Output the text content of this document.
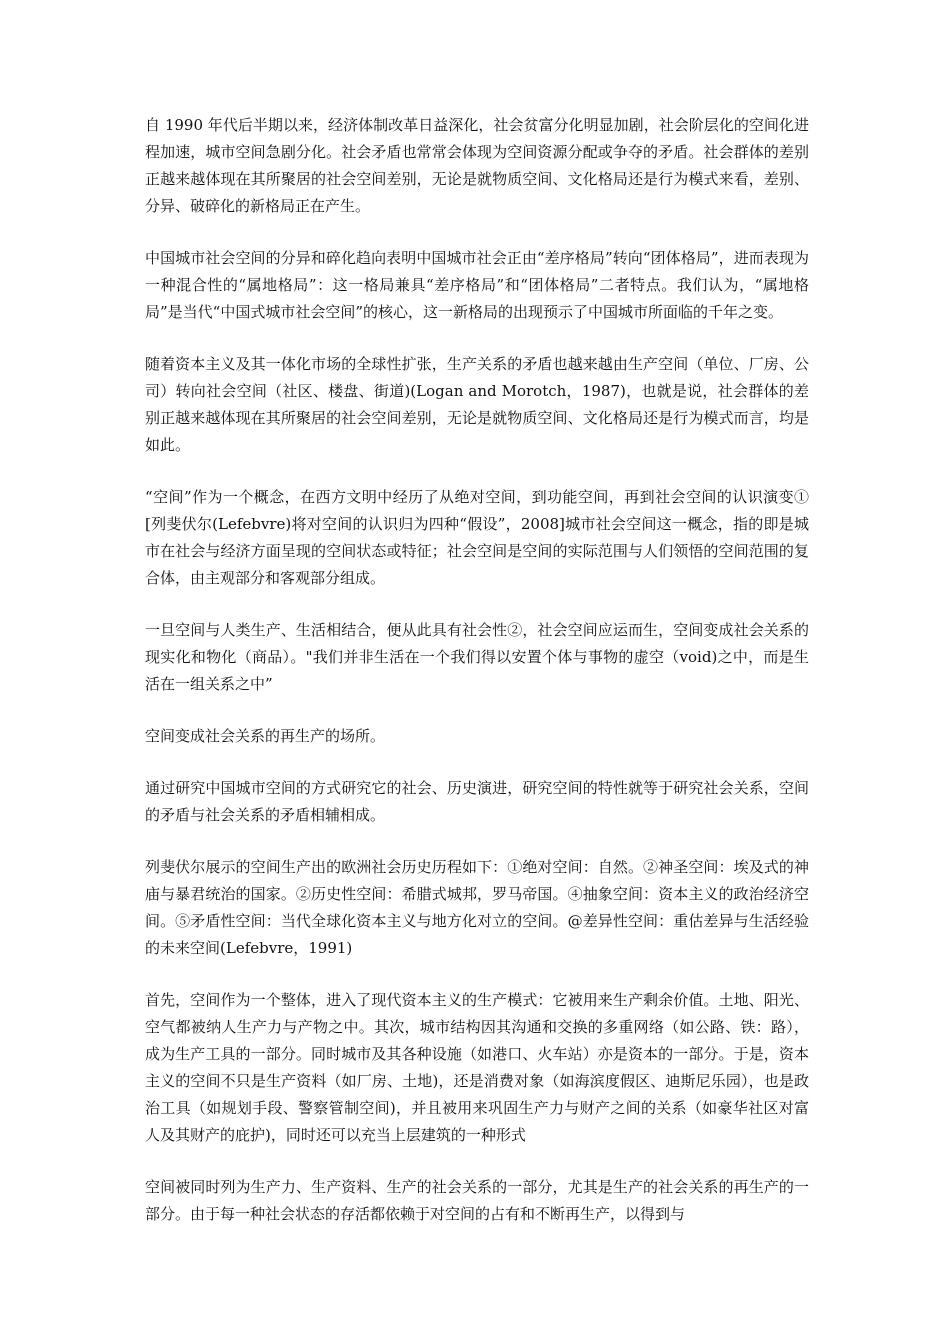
自 1990 年代后半期以来，经济体制改革日益深化，社会贫富分化明显加剧，社会阶层化的空间化进程加速，城市空间急剧分化。社会矛盾也常常会体现为空间资源分配或争夺的矛盾。社会群体的差别正越来越体现在其所聚居的社会空间差别，无论是就物质空间、文化格局还是行为模式来看，差别、分异、破碎化的新格局正在产生。

中国城市社会空间的分异和碎化趋向表明中国城市社会正由“差序格局”转向“团体格局”，进而表现为一种混合性的“属地格局”：这一格局兼具“差序格局”和“团体格局”二者特点。我们认为，“属地格局”是当代“中国式城市社会空间”的核心，这一新格局的出现预示了中国城市所面临的千年之变。

随着资本主义及其一体化市场的全球性扩张，生产关系的矛盾也越来越由生产空间（单位、厂房、公司）转向社会空间（社区、楼盘、街道)(Logan and Morotch，1987)，也就是说，社会群体的差别正越来越体现在其所聚居的社会空间差别，无论是就物质空间、文化格局还是行为模式而言，均是如此。

“空间”作为一个概念，在西方文明中经历了从绝对空间，到功能空间，再到社会空间的认识演变①[列斐伏尔(Lefebvre)将对空间的认识归为四种“假设”，2008]城市社会空间这一概念，指的即是城市在社会与经济方面呈现的空间状态或特征；社会空间是空间的实际范围与人们领悟的空间范围的复合体，由主观部分和客观部分组成。

一旦空间与人类生产、生活相结合，便从此具有社会性②，社会空间应运而生，空间变成社会关系的现实化和物化（商品）。"我们并非生活在一个我们得以安置个体与事物的虚空（void)之中，而是生活在一组关系之中”

空间变成社会关系的再生产的场所。

通过研究中国城市空间的方式研究它的社会、历史演进，研究空间的特性就等于研究社会关系，空间的矛盾与社会关系的矛盾相辅相成。

列斐伏尔展示的空间生产出的欧洲社会历史历程如下：①绝对空间：自然。②神圣空间：埃及式的神庙与暴君统治的国家。②历史性空间：希腊式城邦，罗马帝国。④抽象空间：资本主义的政治经济空间。⑤矛盾性空间：当代全球化资本主义与地方化对立的空间。@差异性空间：重估差异与生活经验的未来空间(Lefebvre，1991)

首先，空间作为一个整体，进入了现代资本主义的生产模式：它被用来生产剩余价值。土地、阳光、空气都被纳人生产力与产物之中。其次，城市结构因其沟通和交换的多重网络（如公路、铁：路），成为生产工具的一部分。同时城市及其各种设施（如港口、火车站）亦是资本的一部分。于是，资本主义的空间不只是生产资料（如厂房、土地)，还是消费对象（如海滨度假区、迪斯尼乐园），也是政治工具（如规划手段、警察管制空间)，并且被用来巩固生产力与财产之间的关系（如豪华社区对富人及其财产的庇护)，同时还可以充当上层建筑的一种形式

空间被同时列为生产力、生产资料、生产的社会关系的一部分，尤其是生产的社会关系的再生产的一部分。由于每一种社会状态的存活都依赖于对空间的占有和不断再生产，以得到与
